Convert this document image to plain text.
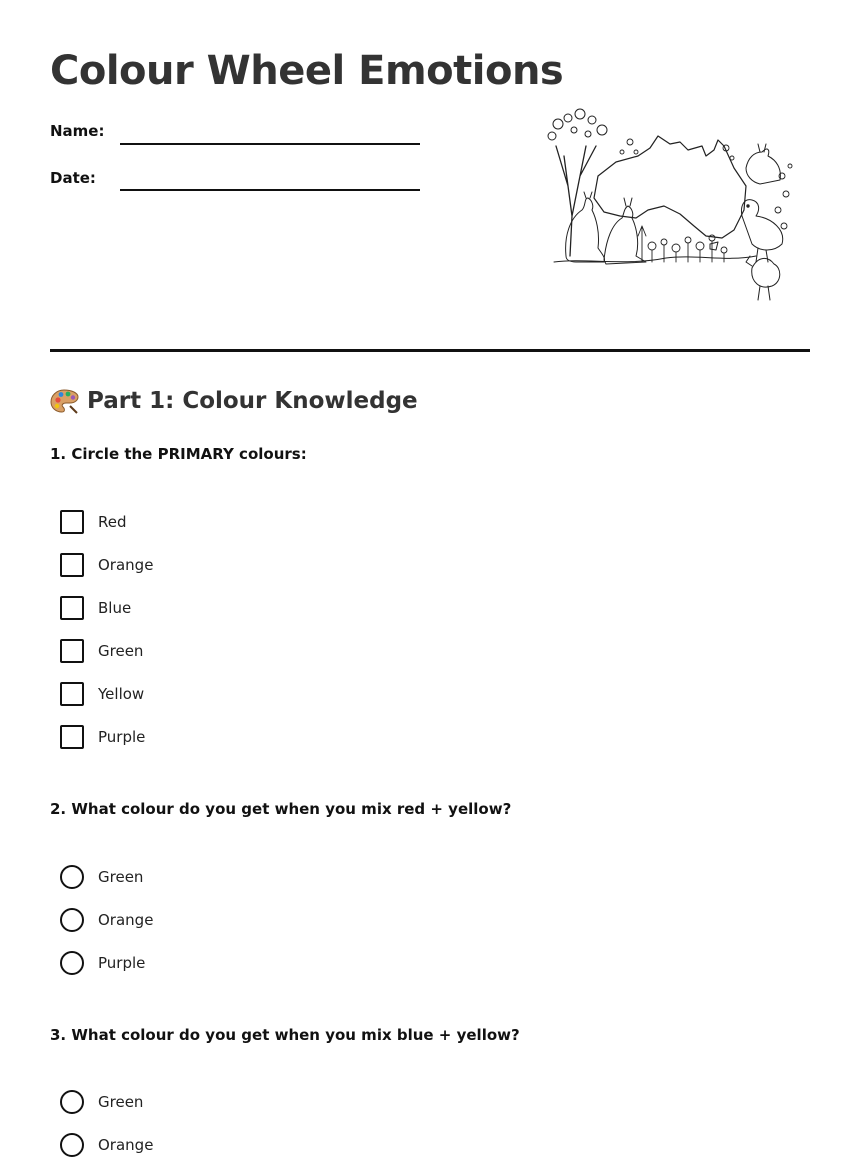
Colour Wheel Emotions
Name:
Date:
Part 1: Colour Knowledge
1. Circle the PRIMARY colours:
Red
Orange
Blue
Green
Yellow
Purple
2. What colour do you get when you mix red + yellow?
Green
Orange
Purple
3. What colour do you get when you mix blue + yellow?
Green
Orange
